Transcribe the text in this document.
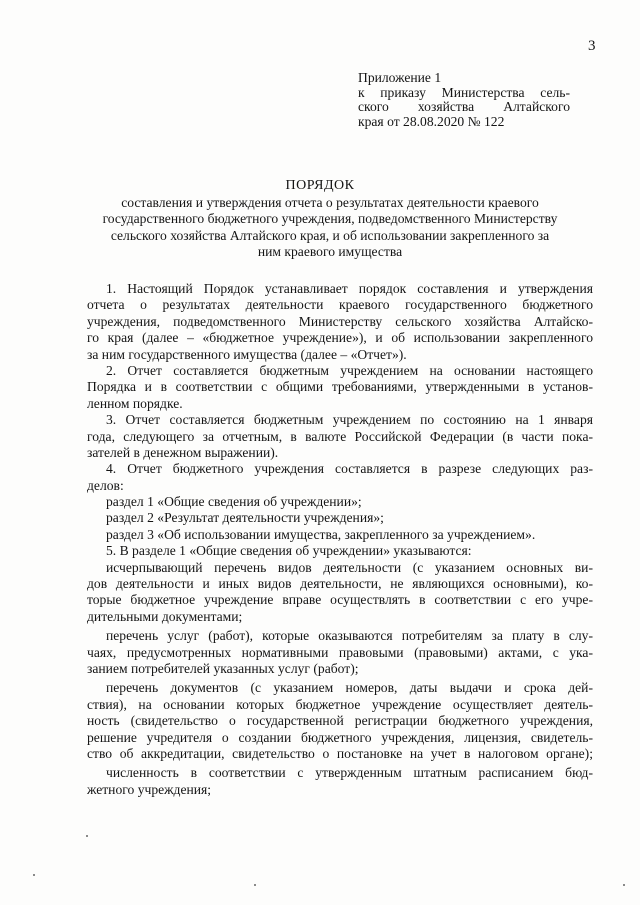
3
Приложение 1
к приказу Министерства сель-
ского хозяйства Алтайского
края от 28.08.2020 № 122
ПОРЯДОК
составления и утверждения отчета о результатах деятельности краевого
государственного бюджетного учреждения, подведомственного Министерству
сельского хозяйства Алтайского края, и об использовании закрепленного за
ним краевого имущества
1. Настоящий Порядок устанавливает порядок составления и утверждения
отчета о результатах деятельности краевого государственного бюджетного
учреждения, подведомственного Министерству сельского хозяйства Алтайско-
го края (далее – «бюджетное учреждение»), и об использовании закрепленного
за ним государственного имущества (далее – «Отчет»).
2. Отчет составляется бюджетным учреждением на основании настоящего
Порядка и в соответствии с общими требованиями, утвержденными в установ-
ленном порядке.
3. Отчет составляется бюджетным учреждением по состоянию на 1 января
года, следующего за отчетным, в валюте Российской Федерации (в части пока-
зателей в денежном выражении).
4. Отчет бюджетного учреждения составляется в разрезе следующих раз-
делов:
раздел 1 «Общие сведения об учреждении»;
раздел 2 «Результат деятельности учреждения»;
раздел 3 «Об использовании имущества, закрепленного за учреждением».
5. В разделе 1 «Общие сведения об учреждении» указываются:
исчерпывающий перечень видов деятельности (с указанием основных ви-
дов деятельности и иных видов деятельности, не являющихся основными), ко-
торые бюджетное учреждение вправе осуществлять в соответствии с его учре-
дительными документами;
перечень услуг (работ), которые оказываются потребителям за плату в слу-
чаях, предусмотренных нормативными правовыми (правовыми) актами, с ука-
занием потребителей указанных услуг (работ);
перечень документов (с указанием номеров, даты выдачи и срока дей-
ствия), на основании которых бюджетное учреждение осуществляет деятель-
ность (свидетельство о государственной регистрации бюджетного учреждения,
решение учредителя о создании бюджетного учреждения, лицензия, свидетель-
ство об аккредитации, свидетельство о постановке на учет в налоговом органе);
численность в соответствии с утвержденным штатным расписанием бюд-
жетного учреждения;
